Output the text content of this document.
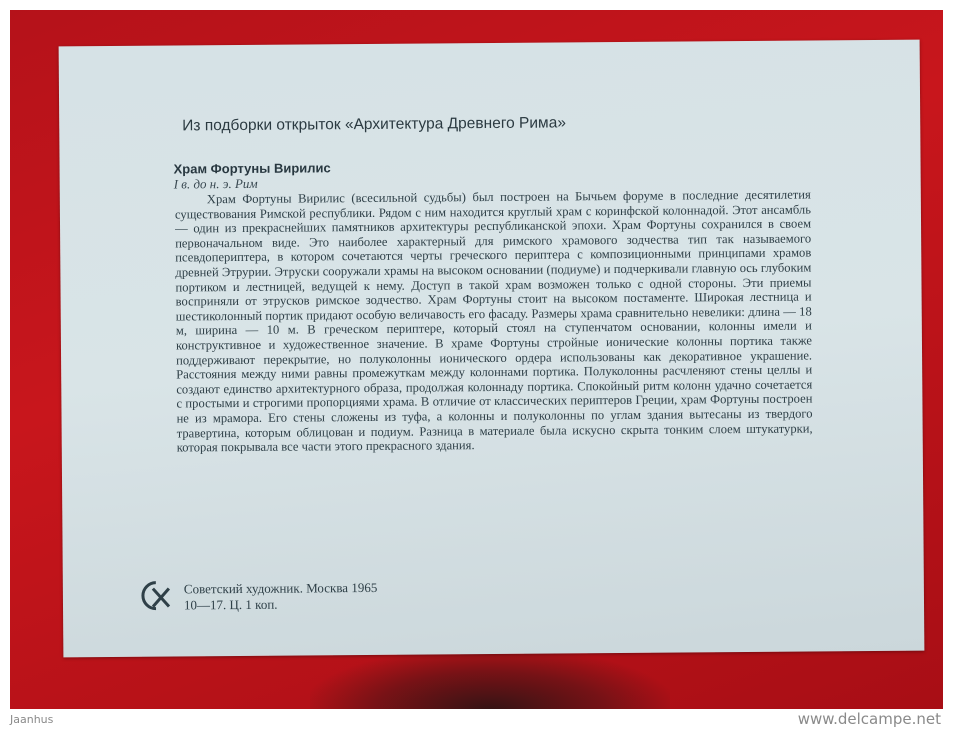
Из подборки открыток «Архитектура Древнего Рима»
Храм Фортуны Вирилис
I в. до н. э. Рим

Храм Фортуны Вирилис (всесильной судьбы) был построен на Бычьем форуме в последние десятилетия существования Римской республики. Рядом с ним находится круглый храм с коринфской колоннадой. Этот ансамбль — один из прекраснейших памятников архитектуры республиканской эпохи. Храм Фортуны сохранился в своем первоначальном виде. Это наиболее характерный для римского храмового зодчества тип так называемого псевдопериптера, в котором сочетаются черты греческого периптера с композиционными принципами храмов древней Этрурии. Этруски сооружали храмы на высоком основании (подиуме) и подчеркивали главную ось глубоким портиком и лестницей, ведущей к нему. Доступ в такой храм возможен только с одной стороны. Эти приемы восприняли от этрусков римское зодчество. Храм Фортуны стоит на высоком постаменте. Широкая лестница и шестиколонный портик придают особую величавость его фасаду. Размеры храма сравнительно невелики: длина — 18 м, ширина — 10 м. В греческом периптере, который стоял на ступенчатом основании, колонны имели и конструктивное и художественное значение. В храме Фортуны стройные ионические колонны портика также поддерживают перекрытие, но полуколонны ионического ордера использованы как декоративное украшение. Расстояния между ними равны промежуткам между колоннами портика. Полуколонны расчленяют стены целлы и создают единство архитектурного образа, продолжая колоннаду портика. Спокойный ритм колонн удачно сочетается с простыми и строгими пропорциями храма. В отличие от классических периптеров Греции, храм Фортуны построен не из мрамора. Его стены сложены из туфа, а колонны и полуколонны по углам здания вытесаны из твердого травертина, которым облицован и подиум. Разница в материале была искусно скрыта тонким слоем штукатурки, которая покрывала все части этого прекрасного здания.

Советский художник. Москва 1965
10—17. Ц. 1 коп.
Jaanhus	www.delcampe.net
